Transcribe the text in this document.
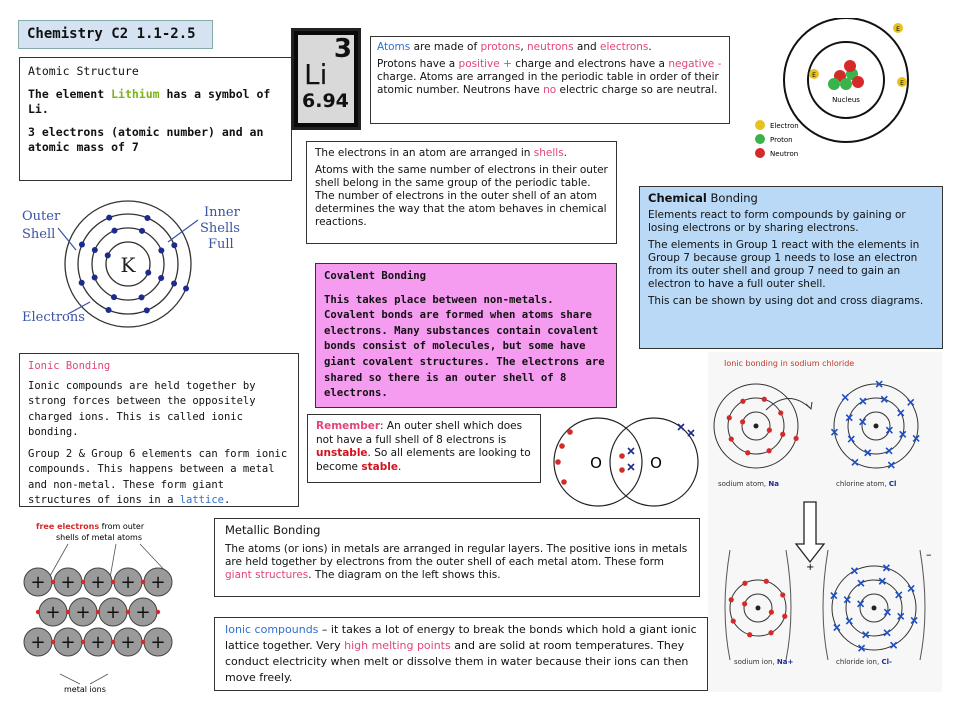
Chemistry C2 1.1-2.5

Atomic Structure

The element Lithium has a symbol of Li.

3 electrons (atomic number) and an atomic mass of 7

3
Li
6.94

Atoms are made of protons, neutrons and electrons.

Protons have a positive + charge and electrons have a negative - charge. Atoms are arranged in the periodic table in order of their atomic number. Neutrons have no electric charge so are neutral.

Nucleus
E
E
E
Electron
Proton
Neutron

The electrons in an atom are arranged in shells.

Atoms with the same number of electrons in their outer shell belong in the same group of the periodic table. The number of electrons in the outer shell of an atom determines the way that the atom behaves in chemical reactions.

Outer
Shell
Inner
Shells
Full
Electrons
K

Chemical Bonding

Elements react to form compounds by gaining or losing electrons or by sharing electrons.

The elements in Group 1 react with the elements in Group 7 because group 1 needs to lose an electron from its outer shell and group 7 need to gain an electron to have a full outer shell.

This can be shown by using dot and cross diagrams.

Covalent Bonding

This takes place between non-metals. Covalent bonds are formed when atoms share electrons. Many substances contain covalent bonds consist of molecules, but some have giant covalent structures. The electrons are shared so there is an outer shell of 8 electrons.

Ionic Bonding

Ionic compounds are held together by strong forces between the oppositely charged ions. This is called ionic bonding.

Group 2 & Group 6 elements can form ionic compounds. This happens between a metal and non-metal. These form giant structures of ions in a lattice.

Remember: An outer shell which does not have a full shell of 8 electrons is unstable. So all elements are looking to become stable.	O	O
Ionic bonding in sodium chloride
sodium atom, Na	chlorine atom, Cl
sodium ion, Na+	chloride ion, Cl-
+
–
free electrons from outer
shells of metal atoms
+ + + + +
+ + + +
+ + + + +
metal ions

Metallic Bonding

The atoms (or ions) in metals are arranged in regular layers. The positive ions in metals are held together by electrons from the outer shell of each metal atom. These form giant structures. The diagram on the left shows this.

Ionic compounds – it takes a lot of energy to break the bonds which hold a giant ionic lattice together. Very high melting points and are solid at room temperatures. They conduct electricity when melt or dissolve them in water because their ions can then move freely.
